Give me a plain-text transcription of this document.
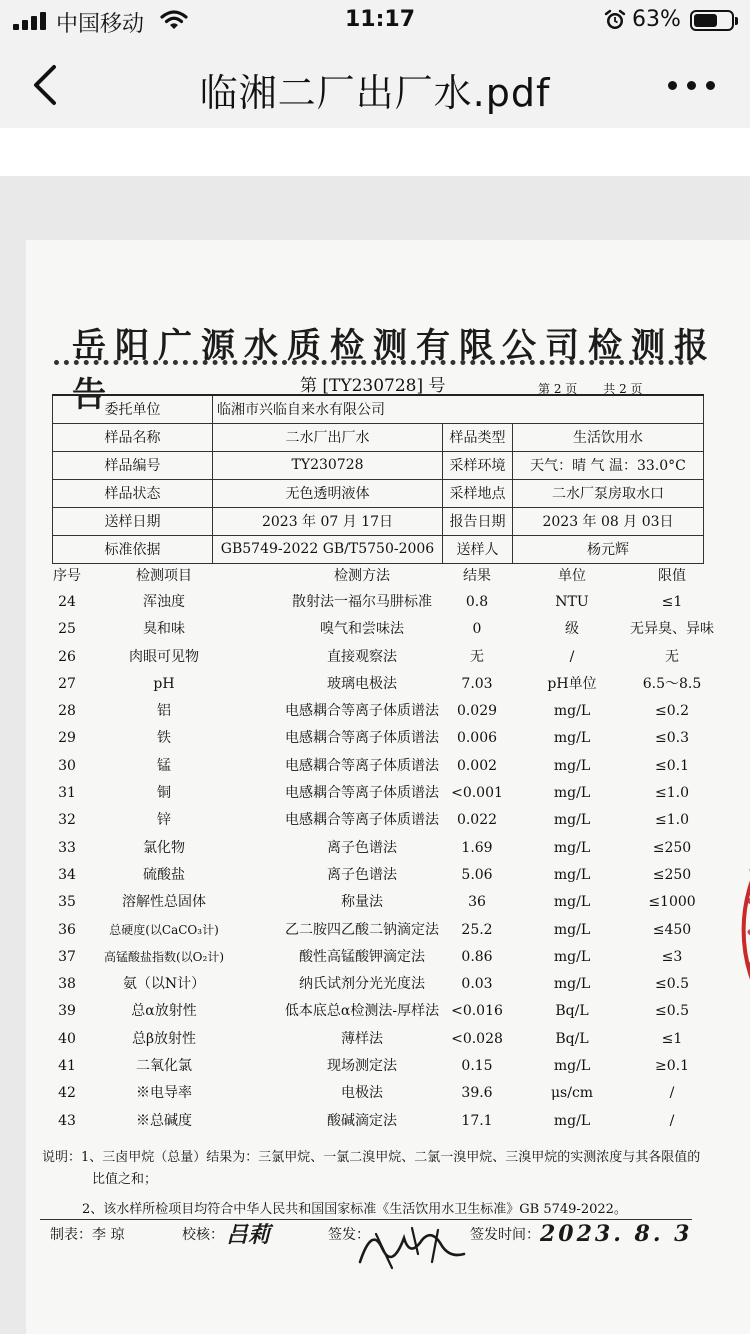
中国移动	11:17	63%
临湘二厂出厂水.pdf
岳阳广源水质检测有限公司检测报告	第 [TY230728] 号	第 2 页 共 2 页
委托单位	临湘市兴临自来水有限公司		
样品名称	二水厂出厂水	样品类型	生活饮用水
样品编号	TY230728	采样环境	天气：晴 气 温：33.0°C
样品状态	无色透明液体	采样地点	二水厂泵房取水口
送样日期	2023 年 07 月 17日	报告日期	2023 年 08 月 03日
标准依据	GB5749-2022 GB/T5750-2006	送样人	杨元辉
序号	检测项目	检测方法	结果	单位	限值
24	浑浊度	散射法一福尔马肼标准	0.8	NTU	≤1
25	臭和味	嗅气和尝味法	0	级	无异臭、异味
26	肉眼可见物	直接观察法	无	/	无
27	pH	玻璃电极法	7.03	pH单位	6.5～8.5
28	铝	电感耦合等离子体质谱法	0.029	mg/L	≤0.2
29	铁	电感耦合等离子体质谱法	0.006	mg/L	≤0.3
30	锰	电感耦合等离子体质谱法	0.002	mg/L	≤0.1
31	铜	电感耦合等离子体质谱法 <0.001	mg/L	≤1.0
32	锌	电感耦合等离子体质谱法	0.022	mg/L	≤1.0
33	氯化物	离子色谱法	1.69	mg/L	≤250
34	硫酸盐	离子色谱法	5.06	mg/L	≤250
35	溶解性总固体	称量法	36	mg/L	≤1000
36	总硬度(以CaCO₃计)	乙二胺四乙酸二钠滴定法	25.2	mg/L	≤450
37	高锰酸盐指数(以O₂计)	酸性高锰酸钾滴定法	0.86	mg/L	≤3
38	氨（以N计）	纳氏试剂分光光度法	0.03	mg/L	≤0.5
39	总α放射性	低本底总α检测法-厚样法 <0.016	Bq/L	≤0.5
40	总β放射性	薄样法	<0.028	Bq/L	≤1
41	二氧化氯	现场测定法	0.15	mg/L	≥0.1
42	※电导率	电极法	39.6	μs/cm	/
43	※总碱度	酸碱滴定法	17.1	mg/L	/
说明：1、三卤甲烷（总量）结果为：三氯甲烷、一氯二溴甲烷、二氯一溴甲烷、三溴甲烷的实测浓度与其各限值的
比值之和；
2、该水样所检项目均符合中华人民共和国国家标准《生活饮用水卫生标准》GB 5749-2022。
制表：李 琼	校核： 吕莉	签发：	签发时间： 2023. 8. 3
